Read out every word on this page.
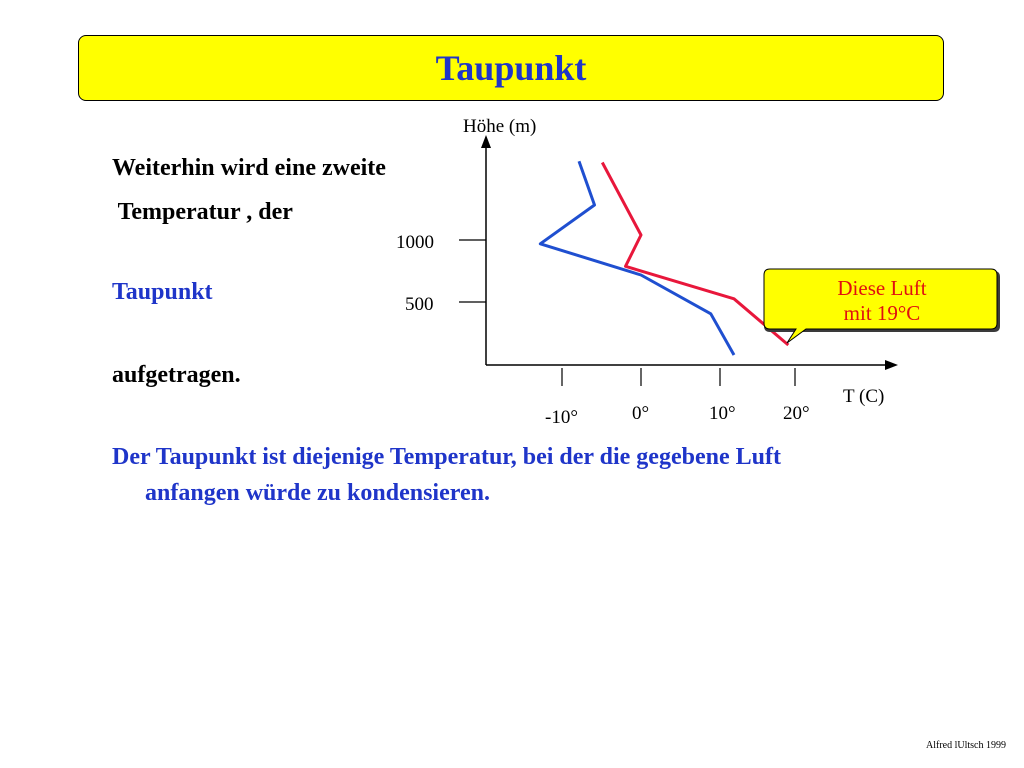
Taupunkt
Weiterhin wird eine zweite
Temperatur , der
Taupunkt
aufgetragen.
Der Taupunkt ist diejenige Temperatur, bei der die gegebene Luft
anfangen würde zu kondensieren.
Höhe (m)
T (C)
500
1000
-10°	0°	10° 20°
Diese Luft
mit 19°C
Alfred lUltsch 1999
